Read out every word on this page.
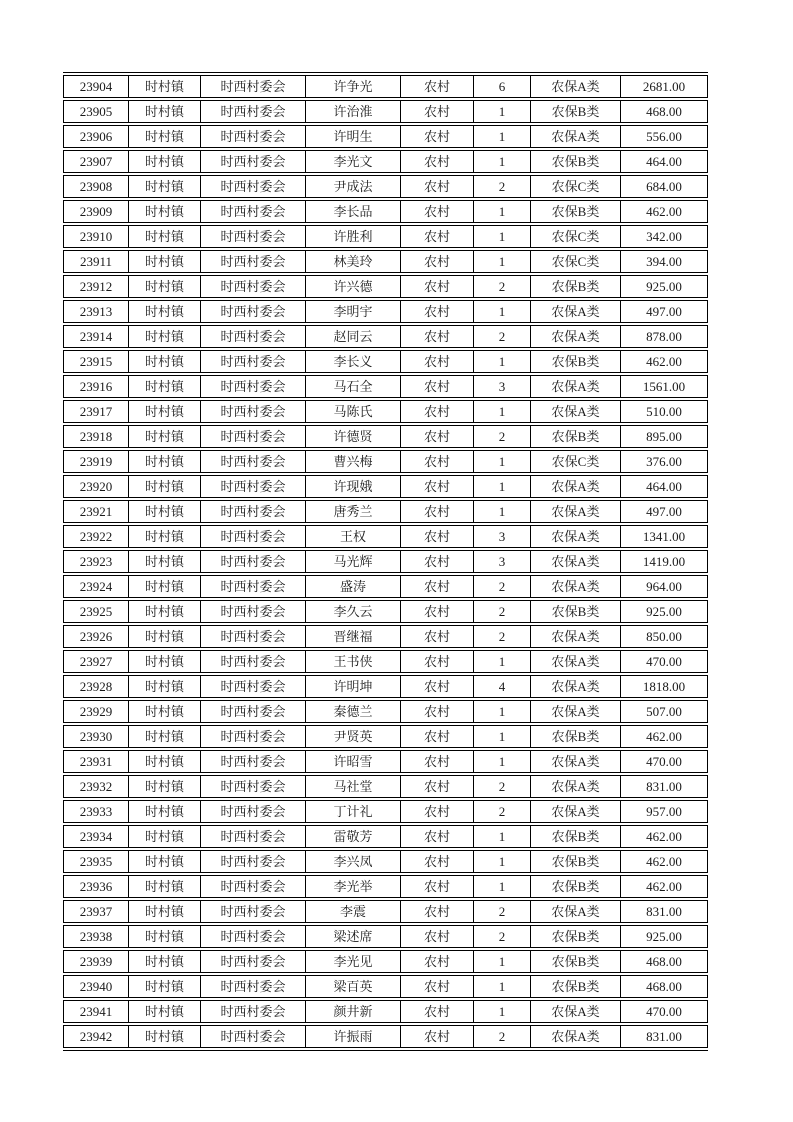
23904	时村镇	时西村委会	许争光	农村	6	农保A类	2681.00
23905	时村镇	时西村委会	许治淮	农村	1	农保B类	468.00
23906	时村镇	时西村委会	许明生	农村	1	农保A类	556.00
23907	时村镇	时西村委会	李光文	农村	1	农保B类	464.00
23908	时村镇	时西村委会	尹成法	农村	2	农保C类	684.00
23909	时村镇	时西村委会	李长品	农村	1	农保B类	462.00
23910	时村镇	时西村委会	许胜利	农村	1	农保C类	342.00
23911	时村镇	时西村委会	林美玲	农村	1	农保C类	394.00
23912	时村镇	时西村委会	许兴德	农村	2	农保B类	925.00
23913	时村镇	时西村委会	李明宇	农村	1	农保A类	497.00
23914	时村镇	时西村委会	赵同云	农村	2	农保A类	878.00
23915	时村镇	时西村委会	李长义	农村	1	农保B类	462.00
23916	时村镇	时西村委会	马石全	农村	3	农保A类	1561.00
23917	时村镇	时西村委会	马陈氏	农村	1	农保A类	510.00
23918	时村镇	时西村委会	许德贤	农村	2	农保B类	895.00
23919	时村镇	时西村委会	曹兴梅	农村	1	农保C类	376.00
23920	时村镇	时西村委会	许现娥	农村	1	农保A类	464.00
23921	时村镇	时西村委会	唐秀兰	农村	1	农保A类	497.00
23922	时村镇	时西村委会	王权	农村	3	农保A类	1341.00
23923	时村镇	时西村委会	马光辉	农村	3	农保A类	1419.00
23924	时村镇	时西村委会	盛涛	农村	2	农保A类	964.00
23925	时村镇	时西村委会	李久云	农村	2	农保B类	925.00
23926	时村镇	时西村委会	晋继福	农村	2	农保A类	850.00
23927	时村镇	时西村委会	王书侠	农村	1	农保A类	470.00
23928	时村镇	时西村委会	许明坤	农村	4	农保A类	1818.00
23929	时村镇	时西村委会	秦德兰	农村	1	农保A类	507.00
23930	时村镇	时西村委会	尹贤英	农村	1	农保B类	462.00
23931	时村镇	时西村委会	许昭雪	农村	1	农保A类	470.00
23932	时村镇	时西村委会	马社堂	农村	2	农保A类	831.00
23933	时村镇	时西村委会	丁计礼	农村	2	农保A类	957.00
23934	时村镇	时西村委会	雷敬芳	农村	1	农保B类	462.00
23935	时村镇	时西村委会	李兴凤	农村	1	农保B类	462.00
23936	时村镇	时西村委会	李光举	农村	1	农保B类	462.00
23937	时村镇	时西村委会	李震	农村	2	农保A类	831.00
23938	时村镇	时西村委会	梁述席	农村	2	农保B类	925.00
23939	时村镇	时西村委会	李光见	农村	1	农保B类	468.00
23940	时村镇	时西村委会	梁百英	农村	1	农保B类	468.00
23941	时村镇	时西村委会	颜井新	农村	1	农保A类	470.00
23942	时村镇	时西村委会	许振雨	农村	2	农保A类	831.00
